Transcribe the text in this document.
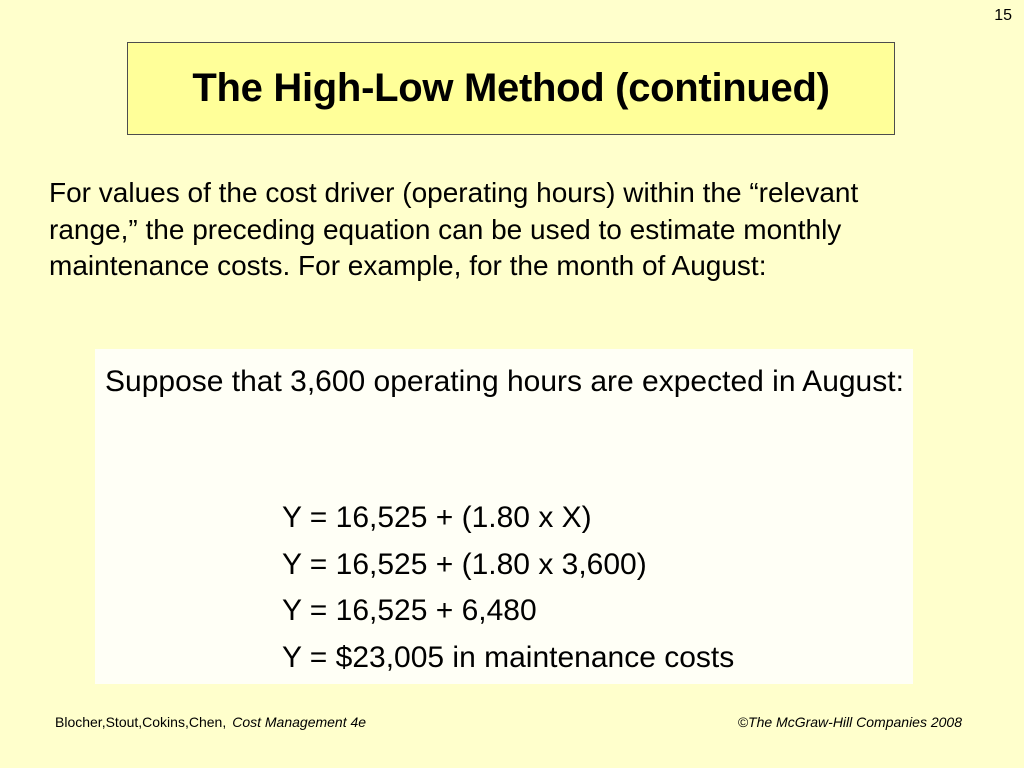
15
The High-Low Method (continued)
For values of the cost driver (operating hours) within the “relevant range,” the preceding equation can be used to estimate monthly maintenance costs. For example, for the month of August:

Suppose that 3,600 operating hours are expected in August:

Y = 16,525 + (1.80 x X)
Y = 16,525 + (1.80 x 3,600)
Y = 16,525 + 6,480
Y = $23,005 in maintenance costs
Blocher,Stout,Cokins,Chen, Cost Management 4e	©The McGraw-Hill Companies 2008
